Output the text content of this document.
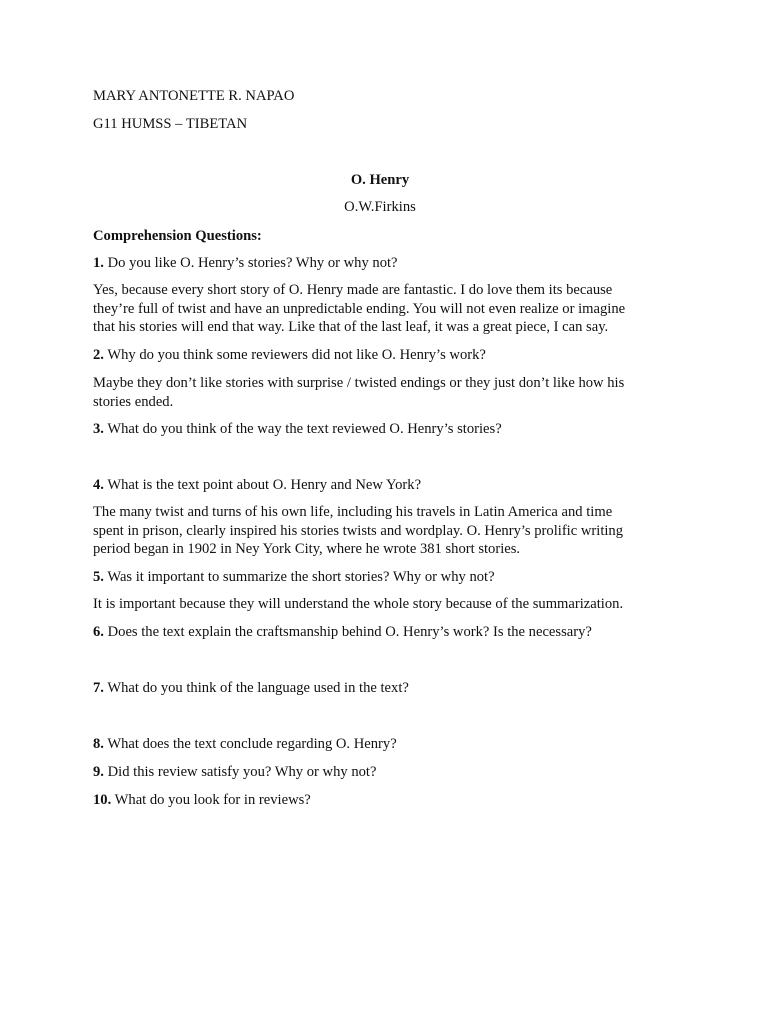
MARY ANTONETTE R. NAPAO
G11 HUMSS – TIBETAN
O. Henry
O.W.Firkins
Comprehension Questions:
1. Do you like O. Henry’s stories? Why or why not?

Yes, because every short story of O. Henry made are fantastic. I do love them its because

they’re full of twist and have an unpredictable ending. You will not even realize or imagine

that his stories will end that way. Like that of the last leaf, it was a great piece, I can say.

2. Why do you think some reviewers did not like O. Henry’s work?

Maybe they don’t like stories with surprise / twisted endings or they just don’t like how his

stories ended.

3. What do you think of the way the text reviewed O. Henry’s stories?
4. What is the text point about O. Henry and New York?

The many twist and turns of his own life, including his travels in Latin America and time

spent in prison, clearly inspired his stories twists and wordplay. O. Henry’s prolific writing

period began in 1902 in Ney York City, where he wrote 381 short stories.

5. Was it important to summarize the short stories? Why or why not?

It is important because they will understand the whole story because of the summarization.

6. Does the text explain the craftsmanship behind O. Henry’s work? Is the necessary?
7. What do you think of the language used in the text?
8. What does the text conclude regarding O. Henry?
9. Did this review satisfy you? Why or why not?
10. What do you look for in reviews?
